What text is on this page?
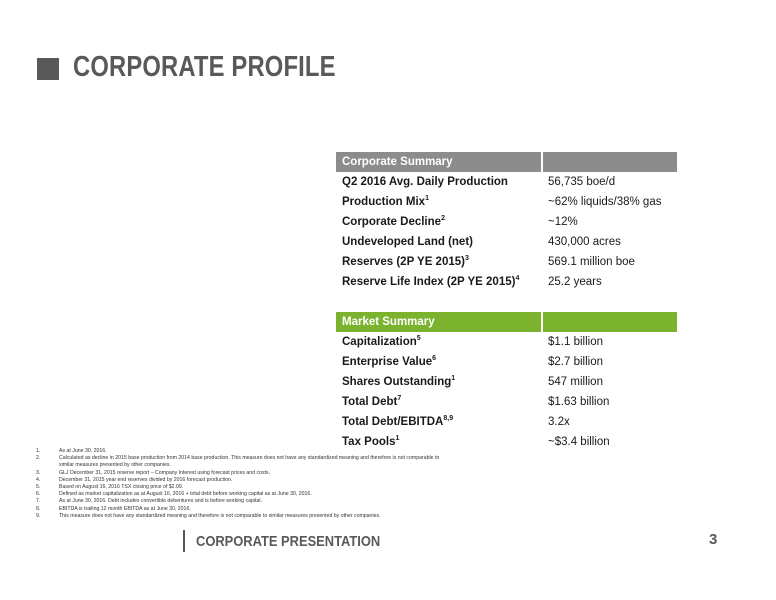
CORPORATE PROFILE
Corporate Summary	
Q2 2016 Avg. Daily Production	56,735 boe/d
Production Mix$^1$	~62% liquids/38% gas
Corporate Decline$^2$	~12%
Undeveloped Land (net)	430,000 acres
Reserves (2P YE 2015)$^3$	569.1 million boe
Reserve Life Index (2P YE 2015)$^4$	25.2 years
Market Summary	
Capitalization$^5$	$1.1 billion
Enterprise Value$^6$	$2.7 billion
Shares Outstanding$^1$	547 million
Total Debt$^7$	$1.63 billion
Total Debt/EBITDA$^{8,9}$	3.2x
Tax Pools$^1$	~$3.4 billion
1.	As at June 30, 2016.
2.	Calculated as decline in 2015 base production from 2014 base production. This measure does not have any standardized meaning and therefore is not comparable to similar measures presented by other companies.
3.	GLJ December 31, 2015 reserve report – Company Interest using forecast prices and costs.
4.	December 31, 2015 year end reserves divided by 2016 forecast production.
5.	Based on August 16, 2016 TSX closing price of $2.09.
6.	Defined as market capitalization as at August 16, 2016 + total debt before working capital as at June 30, 2016.
7.	As at June 30, 2016. Debt includes convertible debentures and is before working capital.
8.	EBITDA is trailing 12 month EBITDA as at June 30, 2016.
9.	This measure does not have any standardized meaning and therefore is not comparable to similar measures presented by other companies.
CORPORATE PRESENTATION	3
